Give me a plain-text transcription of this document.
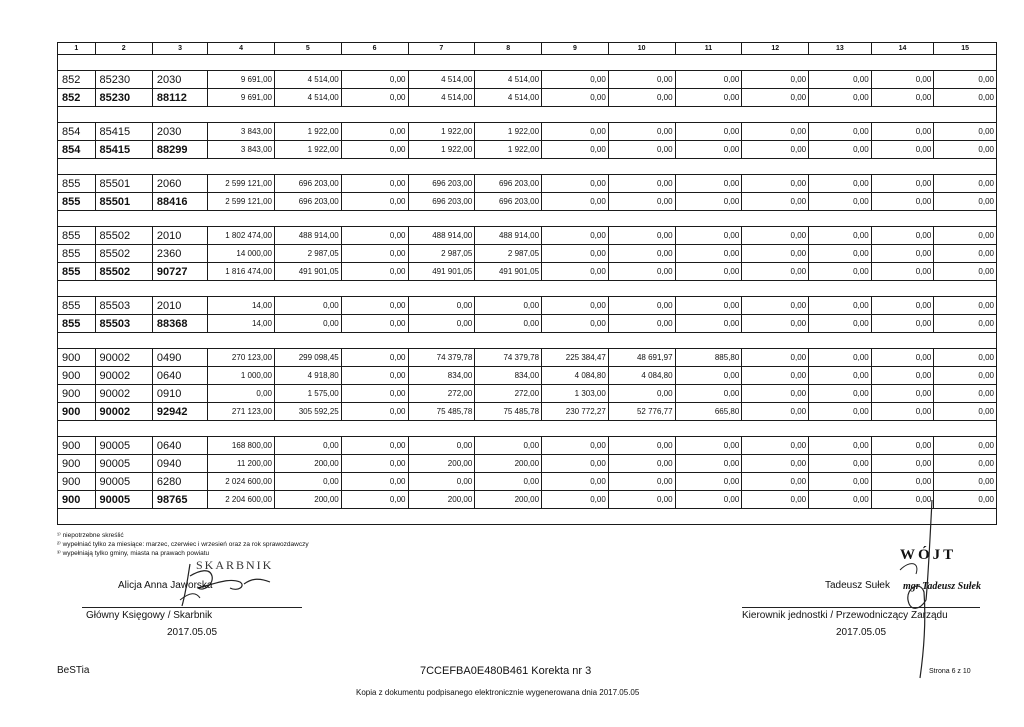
1	2	3	4	5	6	7	8	9	10	11	12	13	14	15

852	85230	2030	9 691,00	4 514,00	0,00	4 514,00	4 514,00	0,00	0,00	0,00	0,00	0,00	0,00	0,00
852	85230	88112	9 691,00	4 514,00	0,00	4 514,00	4 514,00	0,00	0,00	0,00	0,00	0,00	0,00	0,00

854	85415	2030	3 843,00	1 922,00	0,00	1 922,00	1 922,00	0,00	0,00	0,00	0,00	0,00	0,00	0,00
854	85415	88299	3 843,00	1 922,00	0,00	1 922,00	1 922,00	0,00	0,00	0,00	0,00	0,00	0,00	0,00

855	85501	2060	2 599 121,00	696 203,00	0,00	696 203,00	696 203,00	0,00	0,00	0,00	0,00	0,00	0,00	0,00
855	85501	88416	2 599 121,00	696 203,00	0,00	696 203,00	696 203,00	0,00	0,00	0,00	0,00	0,00	0,00	0,00

855	85502	2010	1 802 474,00	488 914,00	0,00	488 914,00	488 914,00	0,00	0,00	0,00	0,00	0,00	0,00	0,00
855	85502	2360	14 000,00	2 987,05	0,00	2 987,05	2 987,05	0,00	0,00	0,00	0,00	0,00	0,00	0,00
855	85502	90727	1 816 474,00	491 901,05	0,00	491 901,05	491 901,05	0,00	0,00	0,00	0,00	0,00	0,00	0,00

855	85503	2010	14,00	0,00	0,00	0,00	0,00	0,00	0,00	0,00	0,00	0,00	0,00	0,00
855	85503	88368	14,00	0,00	0,00	0,00	0,00	0,00	0,00	0,00	0,00	0,00	0,00	0,00

900	90002	0490	270 123,00	299 098,45	0,00	74 379,78	74 379,78	225 384,47	48 691,97	885,80	0,00	0,00	0,00	0,00
900	90002	0640	1 000,00	4 918,80	0,00	834,00	834,00	4 084,80	4 084,80	0,00	0,00	0,00	0,00	0,00
900	90002	0910	0,00	1 575,00	0,00	272,00	272,00	1 303,00	0,00	0,00	0,00	0,00	0,00	0,00
900	90002	92942	271 123,00	305 592,25	0,00	75 485,78	75 485,78	230 772,27	52 776,77	665,80	0,00	0,00	0,00	0,00

900	90005	0640	168 800,00	0,00	0,00	0,00	0,00	0,00	0,00	0,00	0,00	0,00	0,00	0,00
900	90005	0940	11 200,00	200,00	0,00	200,00	200,00	0,00	0,00	0,00	0,00	0,00	0,00	0,00
900	90005	6280	2 024 600,00	0,00	0,00	0,00	0,00	0,00	0,00	0,00	0,00	0,00	0,00	0,00
900	90005	98765	2 204 600,00	200,00	0,00	200,00	200,00	0,00	0,00	0,00	0,00	0,00	0,00	0,00

¹⁾ niepotrzebne skreślić
²⁾ wypełniać tylko za miesiące: marzec, czerwiec i wrzesień oraz za rok sprawozdawczy
³⁾ wypełniają tylko gminy, miasta na prawach powiatu
SKARBNIK
Alicja Anna Jaworska
Główny Księgowy / Skarbnik
2017.05.05
WÓJT
mgr Tadeusz Sułek
Tadeusz Sułek
Kierownik jednostki / Przewodniczący Zarządu
2017.05.05
BeSTia	7CCEFBA0E480B461 Korekta nr 3	Strona 6 z 10
Kopia z dokumentu podpisanego elektronicznie wygenerowana dnia 2017.05.05
